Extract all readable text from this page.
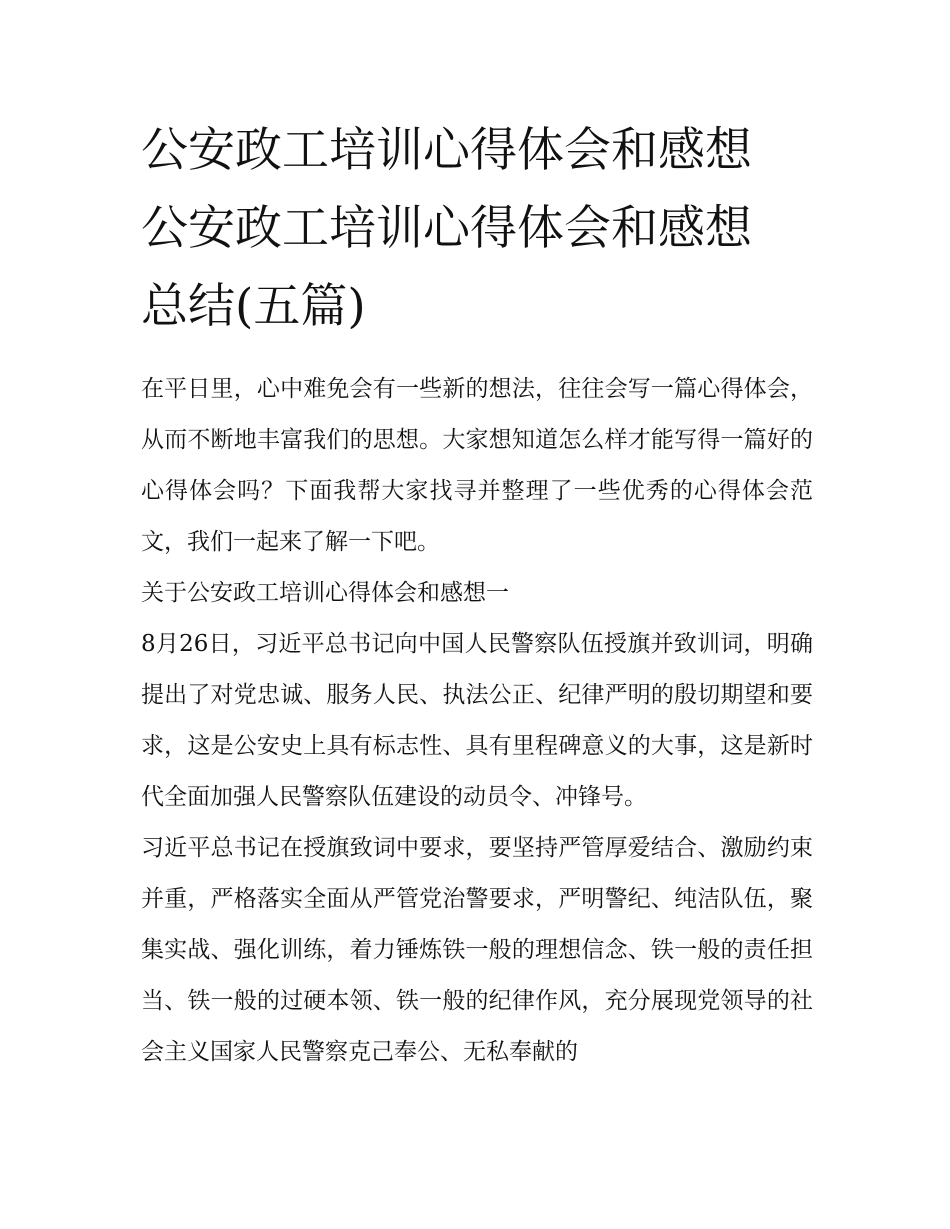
公安政工培训心得体会和感想
公安政工培训心得体会和感想
总结(五篇)

在平日里，心中难免会有一些新的想法，往往会写一篇心得体会，从而不断地丰富我们的思想。大家想知道怎么样才能写得一篇好的心得体会吗？下面我帮大家找寻并整理了一些优秀的心得体会范文，我们一起来了解一下吧。

关于公安政工培训心得体会和感想一

8月26日，习近平总书记向中国人民警察队伍授旗并致训词，明确提出了对党忠诚、服务人民、执法公正、纪律严明的殷切期望和要求，这是公安史上具有标志性、具有里程碑意义的大事，这是新时代全面加强人民警察队伍建设的动员令、冲锋号。

习近平总书记在授旗致词中要求，要坚持严管厚爱结合、激励约束并重，严格落实全面从严管党治警要求，严明警纪、纯洁队伍，聚集实战、强化训练，着力锤炼铁一般的理想信念、铁一般的责任担当、铁一般的过硬本领、铁一般的纪律作风，充分展现党领导的社会主义国家人民警察克己奉公、无私奉献的
